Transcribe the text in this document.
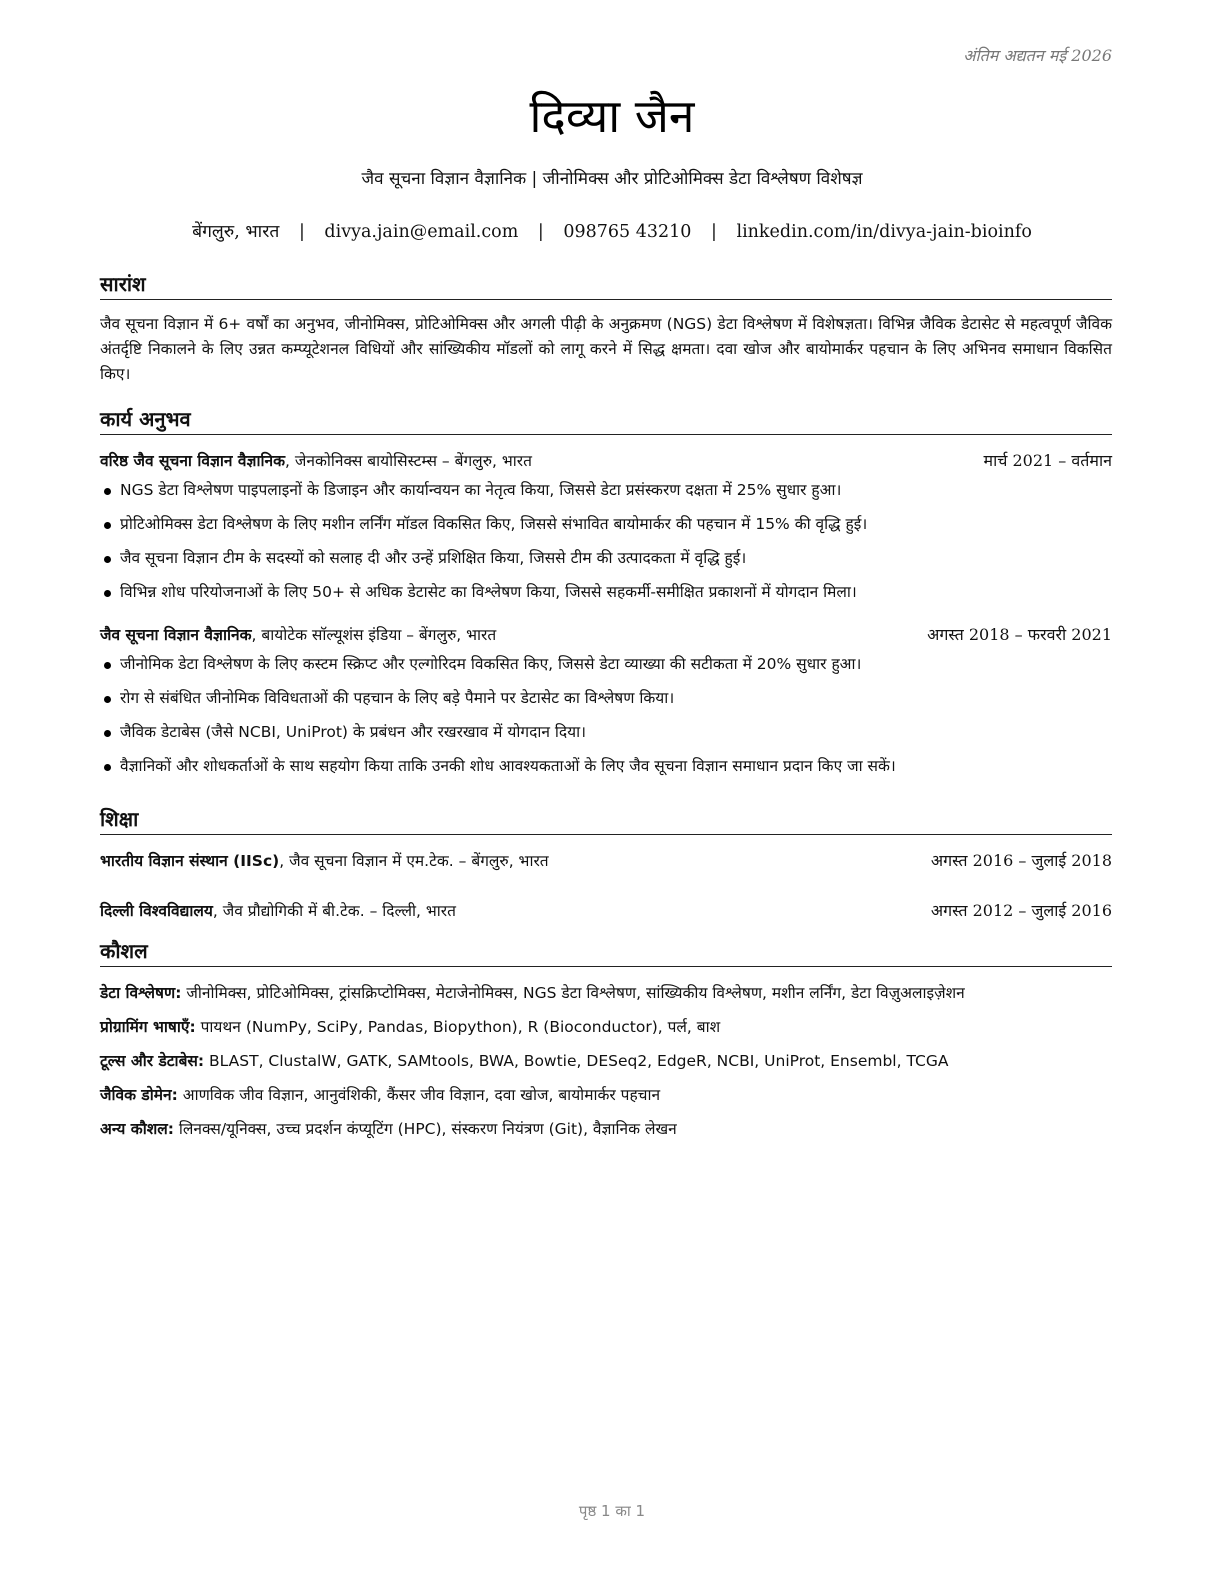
अंतिम अद्यतन मई 2026
दिव्या जैन
जैव सूचना विज्ञान वैज्ञानिक | जीनोमिक्स और प्रोटिओमिक्स डेटा विश्लेषण विशेषज्ञ
बेंगलुरु, भारत | divya.jain@email.com | 098765 43210 | linkedin.com/in/divya-jain-bioinfo
सारांश
जैव सूचना विज्ञान में 6+ वर्षों का अनुभव, जीनोमिक्स, प्रोटिओमिक्स और अगली पीढ़ी के अनुक्रमण (NGS) डेटा विश्लेषण में विशेषज्ञता। विभिन्न जैविक डेटासेट से महत्वपूर्ण जैविक अंतर्दृष्टि निकालने के लिए उन्नत कम्प्यूटेशनल विधियों और सांख्यिकीय मॉडलों को लागू करने में सिद्ध क्षमता। दवा खोज और बायोमार्कर पहचान के लिए अभिनव समाधान विकसित किए।
कार्य अनुभव
वरिष्ठ जैव सूचना विज्ञान वैज्ञानिक, जेनकोनिक्स बायोसिस्टम्स – बेंगलुरु, भारत	मार्च 2021 – वर्तमान
NGS डेटा विश्लेषण पाइपलाइनों के डिजाइन और कार्यान्वयन का नेतृत्व किया, जिससे डेटा प्रसंस्करण दक्षता में 25% सुधार हुआ।
प्रोटिओमिक्स डेटा विश्लेषण के लिए मशीन लर्निंग मॉडल विकसित किए, जिससे संभावित बायोमार्कर की पहचान में 15% की वृद्धि हुई।
जैव सूचना विज्ञान टीम के सदस्यों को सलाह दी और उन्हें प्रशिक्षित किया, जिससे टीम की उत्पादकता में वृद्धि हुई।
विभिन्न शोध परियोजनाओं के लिए 50+ से अधिक डेटासेट का विश्लेषण किया, जिससे सहकर्मी-समीक्षित प्रकाशनों में योगदान मिला।
जैव सूचना विज्ञान वैज्ञानिक, बायोटेक सॉल्यूशंस इंडिया – बेंगलुरु, भारत	अगस्त 2018 – फरवरी 2021
जीनोमिक डेटा विश्लेषण के लिए कस्टम स्क्रिप्ट और एल्गोरिदम विकसित किए, जिससे डेटा व्याख्या की सटीकता में 20% सुधार हुआ।
रोग से संबंधित जीनोमिक विविधताओं की पहचान के लिए बड़े पैमाने पर डेटासेट का विश्लेषण किया।
जैविक डेटाबेस (जैसे NCBI, UniProt) के प्रबंधन और रखरखाव में योगदान दिया।
वैज्ञानिकों और शोधकर्ताओं के साथ सहयोग किया ताकि उनकी शोध आवश्यकताओं के लिए जैव सूचना विज्ञान समाधान प्रदान किए जा सकें।
शिक्षा
भारतीय विज्ञान संस्थान (IISc), जैव सूचना विज्ञान में एम.टेक. – बेंगलुरु, भारत	अगस्त 2016 – जुलाई 2018
दिल्ली विश्वविद्यालय, जैव प्रौद्योगिकी में बी.टेक. – दिल्ली, भारत	अगस्त 2012 – जुलाई 2016
कौशल
डेटा विश्लेषण: जीनोमिक्स, प्रोटिओमिक्स, ट्रांसक्रिप्टोमिक्स, मेटाजेनोमिक्स, NGS डेटा विश्लेषण, सांख्यिकीय विश्लेषण, मशीन लर्निंग, डेटा विज़ुअलाइज़ेशन
प्रोग्रामिंग भाषाएँ: पायथन (NumPy, SciPy, Pandas, Biopython), R (Bioconductor), पर्ल, बाश
टूल्स और डेटाबेस: BLAST, ClustalW, GATK, SAMtools, BWA, Bowtie, DESeq2, EdgeR, NCBI, UniProt, Ensembl, TCGA
जैविक डोमेन: आणविक जीव विज्ञान, आनुवंशिकी, कैंसर जीव विज्ञान, दवा खोज, बायोमार्कर पहचान
अन्य कौशल: लिनक्स/यूनिक्स, उच्च प्रदर्शन कंप्यूटिंग (HPC), संस्करण नियंत्रण (Git), वैज्ञानिक लेखन
पृष्ठ 1 का 1
